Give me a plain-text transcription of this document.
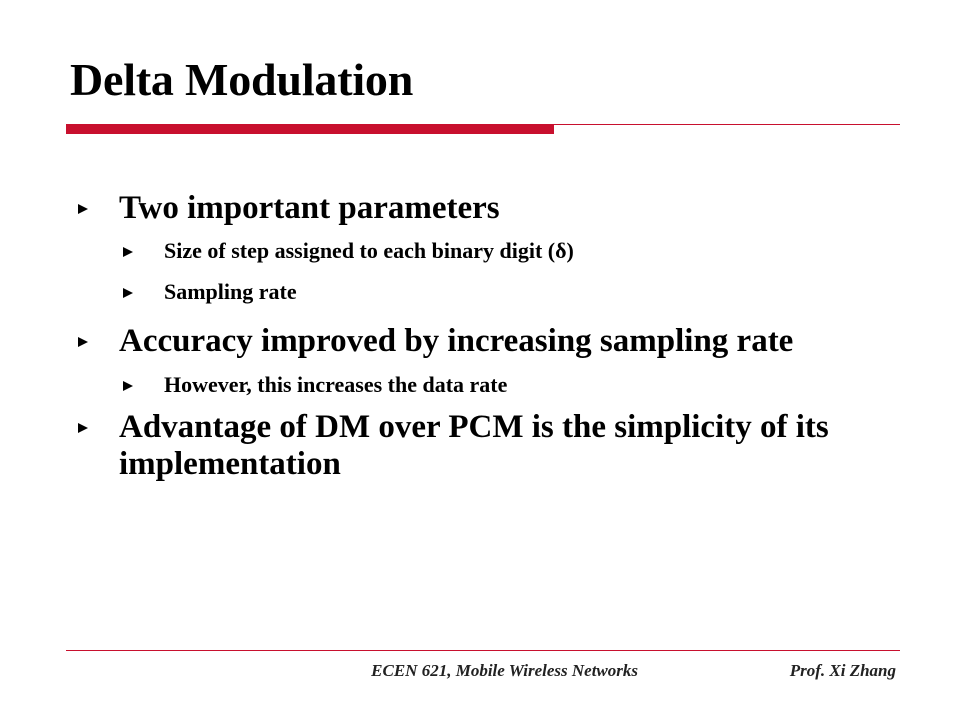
Delta Modulation
Two important parameters
Size of step assigned to each binary digit (δ)
Sampling rate
Accuracy improved by increasing sampling rate
However, this increases the data rate
Advantage of DM over PCM is the simplicity of its implementation
ECEN 621, Mobile Wireless Networks	Prof. Xi Zhang
